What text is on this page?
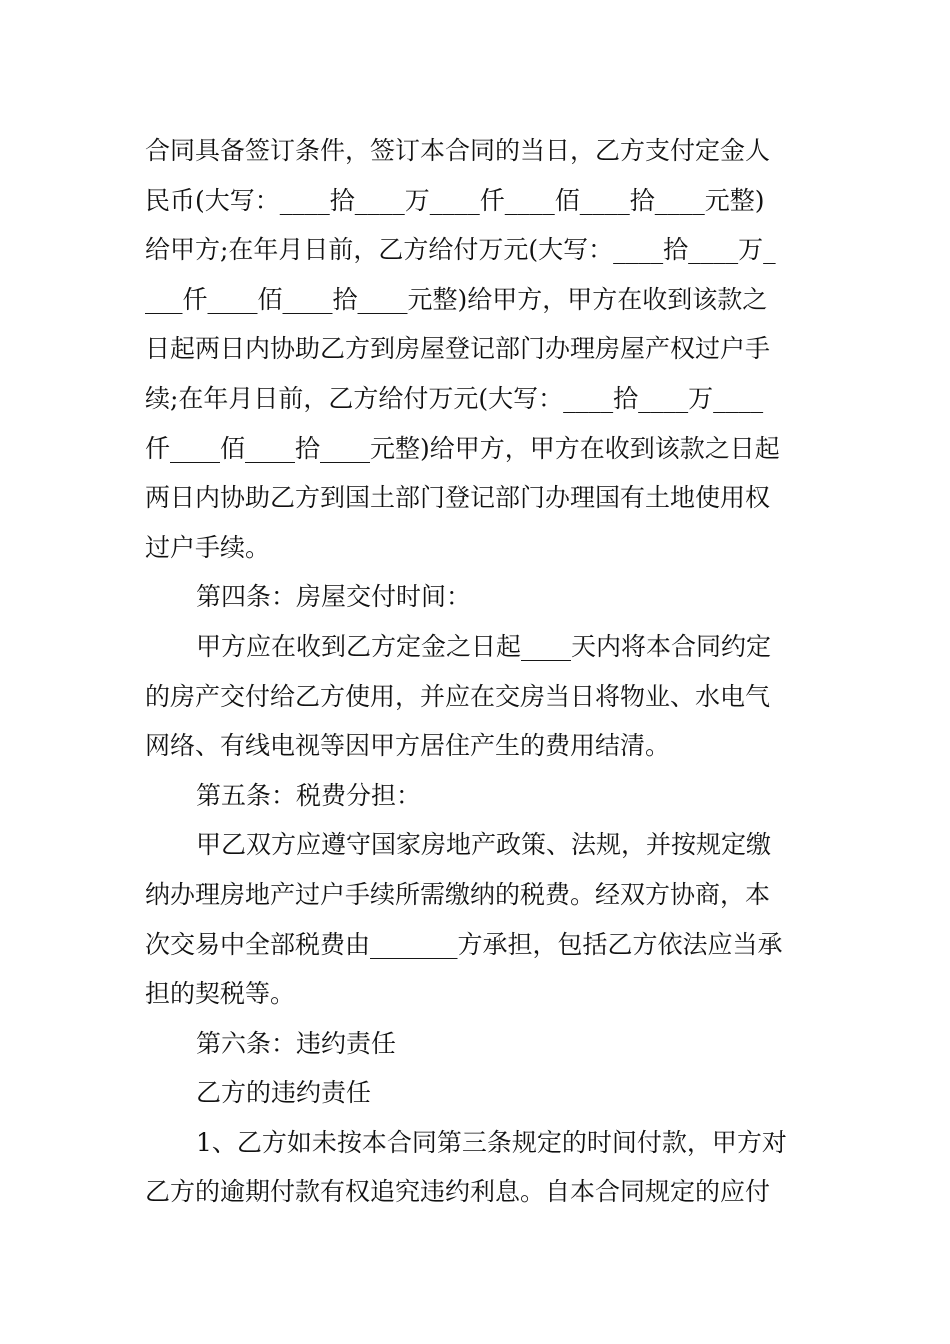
合同具备签订条件，签订本合同的当日，乙方支付定金人
民币(大写：____拾____万____仟____佰____拾____元整)
给甲方;在年月日前，乙方给付万元(大写：____拾____万_
___仟____佰____拾____元整)给甲方，甲方在收到该款之
日起两日内协助乙方到房屋登记部门办理房屋产权过户手
续;在年月日前，乙方给付万元(大写：____拾____万____
仟____佰____拾____元整)给甲方，甲方在收到该款之日起
两日内协助乙方到国土部门登记部门办理国有土地使用权
过户手续。
第四条：房屋交付时间：
甲方应在收到乙方定金之日起____天内将本合同约定
的房产交付给乙方使用，并应在交房当日将物业、水电气
网络、有线电视等因甲方居住产生的费用结清。
第五条：税费分担：
甲乙双方应遵守国家房地产政策、法规，并按规定缴
纳办理房地产过户手续所需缴纳的税费。经双方协商，本
次交易中全部税费由_______方承担，包括乙方依法应当承
担的契税等。
第六条：违约责任
乙方的违约责任
1、乙方如未按本合同第三条规定的时间付款，甲方对
乙方的逾期付款有权追究违约利息。自本合同规定的应付
